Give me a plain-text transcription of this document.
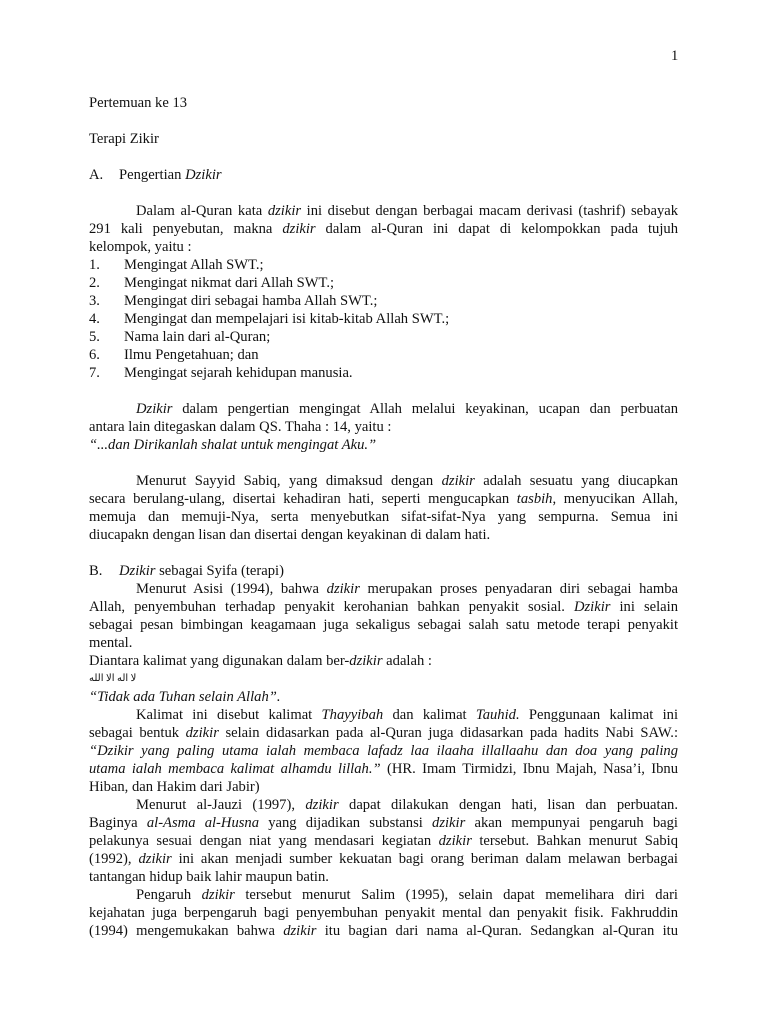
1
Pertemuan ke 13
Terapi Zikir
A. Pengertian Dzikir
Dalam al-Quran kata dzikir ini disebut dengan berbagai macam derivasi (tashrif) sebayak
291 kali penyebutan, makna dzikir dalam al-Quran ini dapat di kelompokkan pada tujuh
kelompok, yaitu :
1. Mengingat Allah SWT.;
2. Mengingat nikmat dari Allah SWT.;
3. Mengingat diri sebagai hamba Allah SWT.;
4. Mengingat dan mempelajari isi kitab-kitab Allah SWT.;
5. Nama lain dari al-Quran;
6. Ilmu Pengetahuan; dan
7. Mengingat sejarah kehidupan manusia.
Dzikir dalam pengertian mengingat Allah melalui keyakinan, ucapan dan perbuatan
antara lain ditegaskan dalam QS. Thaha : 14, yaitu :
“...dan Dirikanlah shalat untuk mengingat Aku.”
Menurut Sayyid Sabiq, yang dimaksud dengan dzikir adalah sesuatu yang diucapkan
secara berulang-ulang, disertai kehadiran hati, seperti mengucapkan tasbih, menyucikan Allah,
memuja dan memuji-Nya, serta menyebutkan sifat-sifat-Nya yang sempurna. Semua ini
diucapakn dengan lisan dan disertai dengan keyakinan di dalam hati.
B. Dzikir sebagai Syifa (terapi)
Menurut Asisi (1994), bahwa dzikir merupakan proses penyadaran diri sebagai hamba
Allah, penyembuhan terhadap penyakit kerohanian bahkan penyakit sosial. Dzikir ini selain
sebagai pesan bimbingan keagamaan juga sekaligus sebagai salah satu metode terapi penyakit
mental.
Diantara kalimat yang digunakan dalam ber-dzikir adalah :
لا اله الا الله
“Tidak ada Tuhan selain Allah”.
Kalimat ini disebut kalimat Thayyibah dan kalimat Tauhid. Penggunaan kalimat ini
sebagai bentuk dzikir selain didasarkan pada al-Quran juga didasarkan pada hadits Nabi SAW.:
“Dzikir yang paling utama ialah membaca lafadz laa ilaaha illallaahu dan doa yang paling
utama ialah membaca kalimat alhamdu lillah.” (HR. Imam Tirmidzi, Ibnu Majah, Nasa’i, Ibnu
Hiban, dan Hakim dari Jabir)
Menurut al-Jauzi (1997), dzikir dapat dilakukan dengan hati, lisan dan perbuatan.
Baginya al-Asma al-Husna yang dijadikan substansi dzikir akan mempunyai pengaruh bagi
pelakunya sesuai dengan niat yang mendasari kegiatan dzikir tersebut. Bahkan menurut Sabiq
(1992), dzikir ini akan menjadi sumber kekuatan bagi orang beriman dalam melawan berbagai
tantangan hidup baik lahir maupun batin.
Pengaruh dzikir tersebut menurut Salim (1995), selain dapat memelihara diri dari
kejahatan juga berpengaruh bagi penyembuhan penyakit mental dan penyakit fisik. Fakhruddin
(1994) mengemukakan bahwa dzikir itu bagian dari nama al-Quran. Sedangkan al-Quran itu
